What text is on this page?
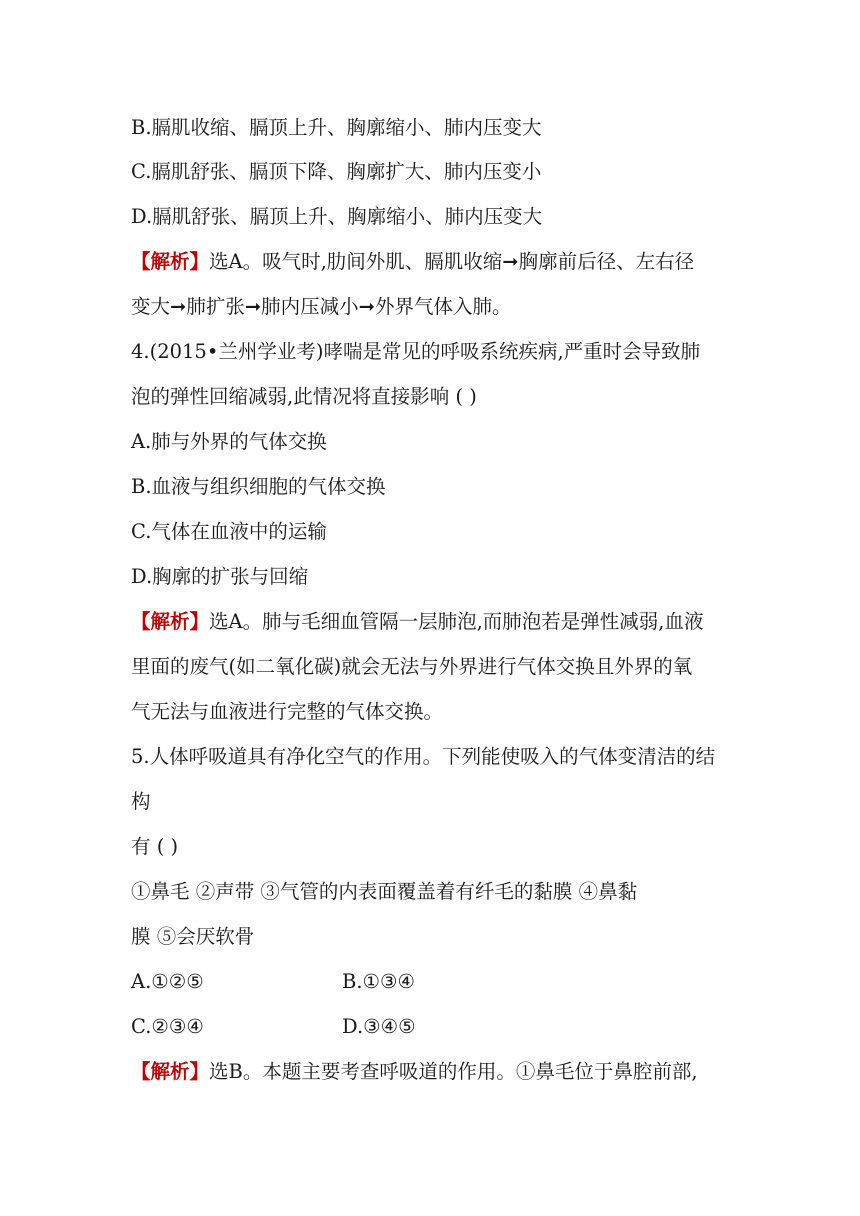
B.膈肌收缩、膈顶上升、胸廓缩小、肺内压变大
C.膈肌舒张、膈顶下降、胸廓扩大、肺内压变小
D.膈肌舒张、膈顶上升、胸廓缩小、肺内压变大
【解析】选A。吸气时,肋间外肌、膈肌收缩➞胸廓前后径、左右径
变大➞肺扩张➞肺内压减小➞外界气体入肺。
4.(2015•兰州学业考)哮喘是常见的呼吸系统疾病,严重时会导致肺
泡的弹性回缩减弱,此情况将直接影响 ( )
A.肺与外界的气体交换
B.血液与组织细胞的气体交换
C.气体在血液中的运输
D.胸廓的扩张与回缩
【解析】选A。肺与毛细血管隔一层肺泡,而肺泡若是弹性减弱,血液
里面的废气(如二氧化碳)就会无法与外界进行气体交换且外界的氧
气无法与血液进行完整的气体交换。
5.人体呼吸道具有净化空气的作用。下列能使吸入的气体变清洁的结
构
有 ( )
①鼻毛 ②声带 ③气管的内表面覆盖着有纤毛的黏膜 ④鼻黏
膜 ⑤会厌软骨
A.①②⑤	B.①③④
C.②③④	D.③④⑤
【解析】选B。本题主要考查呼吸道的作用。①鼻毛位于鼻腔前部,
